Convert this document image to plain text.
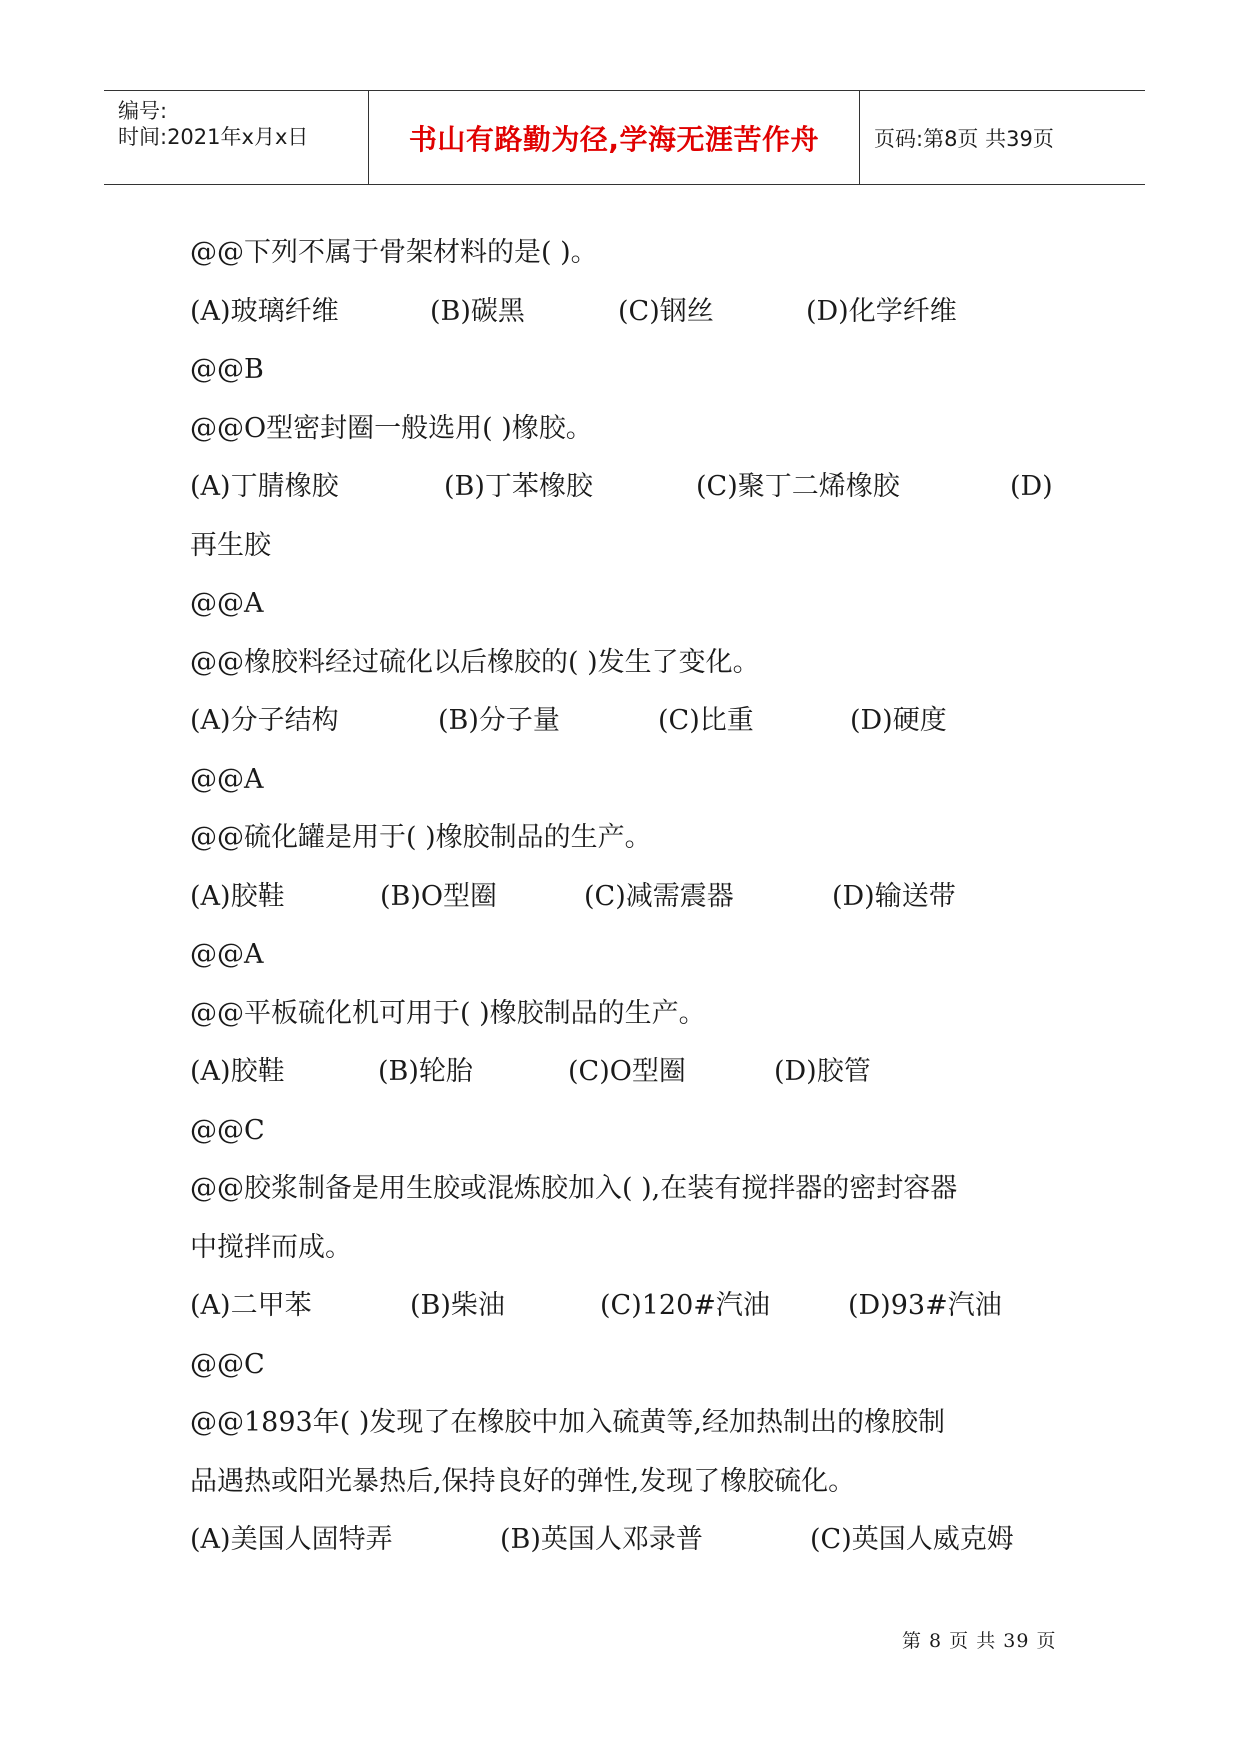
编号:
时间:2021年x月x日	书山有路勤为径,学海无涯苦作舟	页码:第8页 共39页

@@下列不属于骨架材料的是( )。

(A)玻璃纤维	(B)碳黑	(C)钢丝	(D)化学纤维

@@B

@@O型密封圈一般选用( )橡胶。

(A)丁腈橡胶	(B)丁苯橡胶	(C)聚丁二烯橡胶	(D)

再生胶

@@A

@@橡胶料经过硫化以后橡胶的( )发生了变化。

(A)分子结构	(B)分子量	(C)比重	(D)硬度

@@A

@@硫化罐是用于( )橡胶制品的生产。

(A)胶鞋	(B)O型圈	(C)减需震器	(D)输送带

@@A

@@平板硫化机可用于( )橡胶制品的生产。

(A)胶鞋	(B)轮胎	(C)O型圈	(D)胶管

@@C

@@胶浆制备是用生胶或混炼胶加入( ),在装有搅拌器的密封容器

中搅拌而成。

(A)二甲苯	(B)柴油	(C)120#汽油	(D)93#汽油

@@C

@@1893年( )发现了在橡胶中加入硫黄等,经加热制出的橡胶制

品遇热或阳光暴热后,保持良好的弹性,发现了橡胶硫化。

(A)美国人固特弄	(B)英国人邓录普	(C)英国人威克姆

第 8 页 共 39 页
